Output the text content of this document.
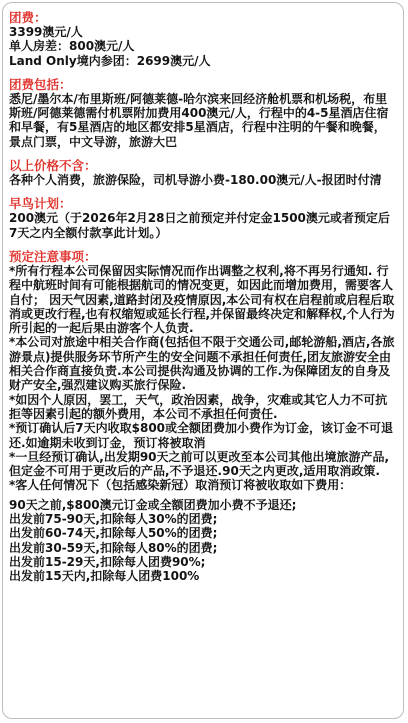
团费：

3399澳元/人

单人房差：800澳元/人

Land Only境内参团：2699澳元/人

团费包括：

悉尼/墨尔本/布里斯班/阿德莱德-哈尔滨来回经济舱机票和机场税，布里斯班/阿德莱德需付机票附加费用400澳元/人，行程中的4-5星酒店住宿和早餐，有5星酒店的地区都安排5星酒店，行程中注明的午餐和晚餐，景点门票，中文导游，旅游大巴

以上价格不含：

各种个人消费，旅游保险，司机导游小费-180.00澳元/人-报团时付清

早鸟计划：

200澳元（于2026年2月28日之前预定并付定金1500澳元或者预定后7天之内全额付款享此计划。）

预定注意事项：

*所有行程本公司保留因实际情况而作出调整之权利,将不再另行通知. 行程中航班时间有可能根据航司的情况变更，如因此而增加费用，需要客人自付； 因天气因素,道路封闭及疫情原因,本公司有权在启程前或启程后取消或更改行程,也有权缩短或延长行程,并保留最终决定和解释权,个人行为所引起的一起后果由游客个人负责.

*本公司对旅途中相关合作商(包括但不限于交通公司,邮轮游船,酒店,各旅游景点)提供服务环节所产生的安全问题不承担任何责任,团友旅游安全由相关合作商直接负责.本公司提供沟通及协调的工作.为保障团友的自身及财产安全,强烈建议购买旅行保险.

*如因个人原因，罢工，天气，政治因素，战争，灾难或其它人力不可抗拒等因素引起的额外费用，本公司不承担任何责任.

*预订确认后7天内收取$800或全额团费加小费作为订金，该订金不可退还.如逾期未收到订金，预订将被取消

*一旦经预订确认,出发期90天之前可以更改至本公司其他出境旅游产品,但定金不可用于更改后的产品,不予退还.90天之内更改,适用取消政策.

*客人任何情况下（包括感染新冠）取消预订将被收取如下费用：

90天之前,$800澳元订金或全额团费加小费不予退还;

出发前75-90天,扣除每人30%的团费;

出发前60-74天,扣除每人50%的团费;

出发前30-59天,扣除每人80%的团费;

出发前15-29天,扣除每人团费90%;

出发前15天内,扣除每人团费100%
